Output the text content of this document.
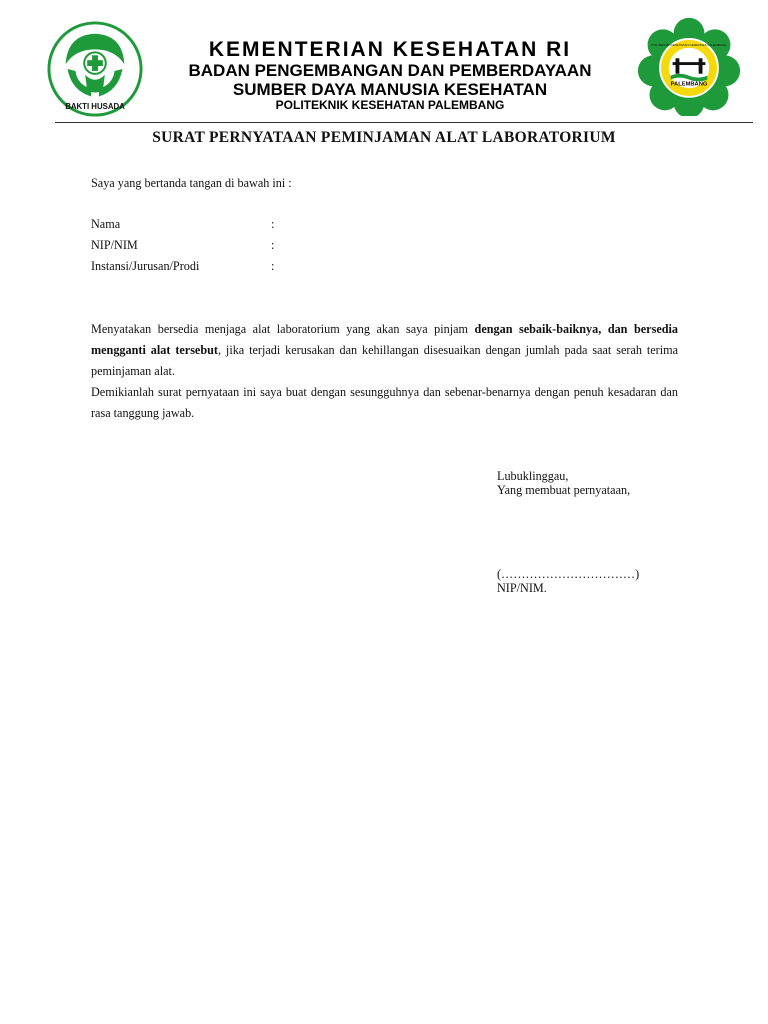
BAKTI HUSADA
PALEMBANG
POLITEKNIK KESEHATAN KEMENKES PALEMBANG
KEMENTERIAN KESEHATAN RI
BADAN PENGEMBANGAN DAN PEMBERDAYAAN
SUMBER DAYA MANUSIA KESEHATAN
POLITEKNIK KESEHATAN PALEMBANG
SURAT PERNYATAAN PEMINJAMAN ALAT LABORATORIUM
Saya yang bertanda tangan di bawah ini :
Nama	:
NIP/NIM	:
Instansi/Jurusan/Prodi	:
Menyatakan bersedia menjaga alat laboratorium yang akan saya pinjam dengan sebaik-baiknya, dan bersedia mengganti alat tersebut, jika terjadi kerusakan dan kehillangan disesuaikan dengan jumlah pada saat serah terima peminjaman alat.
Demikianlah surat pernyataan ini saya buat dengan sesungguhnya dan sebenar-benarnya dengan penuh kesadaran dan rasa tanggung jawab.
Lubuklinggau,
Yang membuat pernyataan,
(……………………………)
NIP/NIM.
